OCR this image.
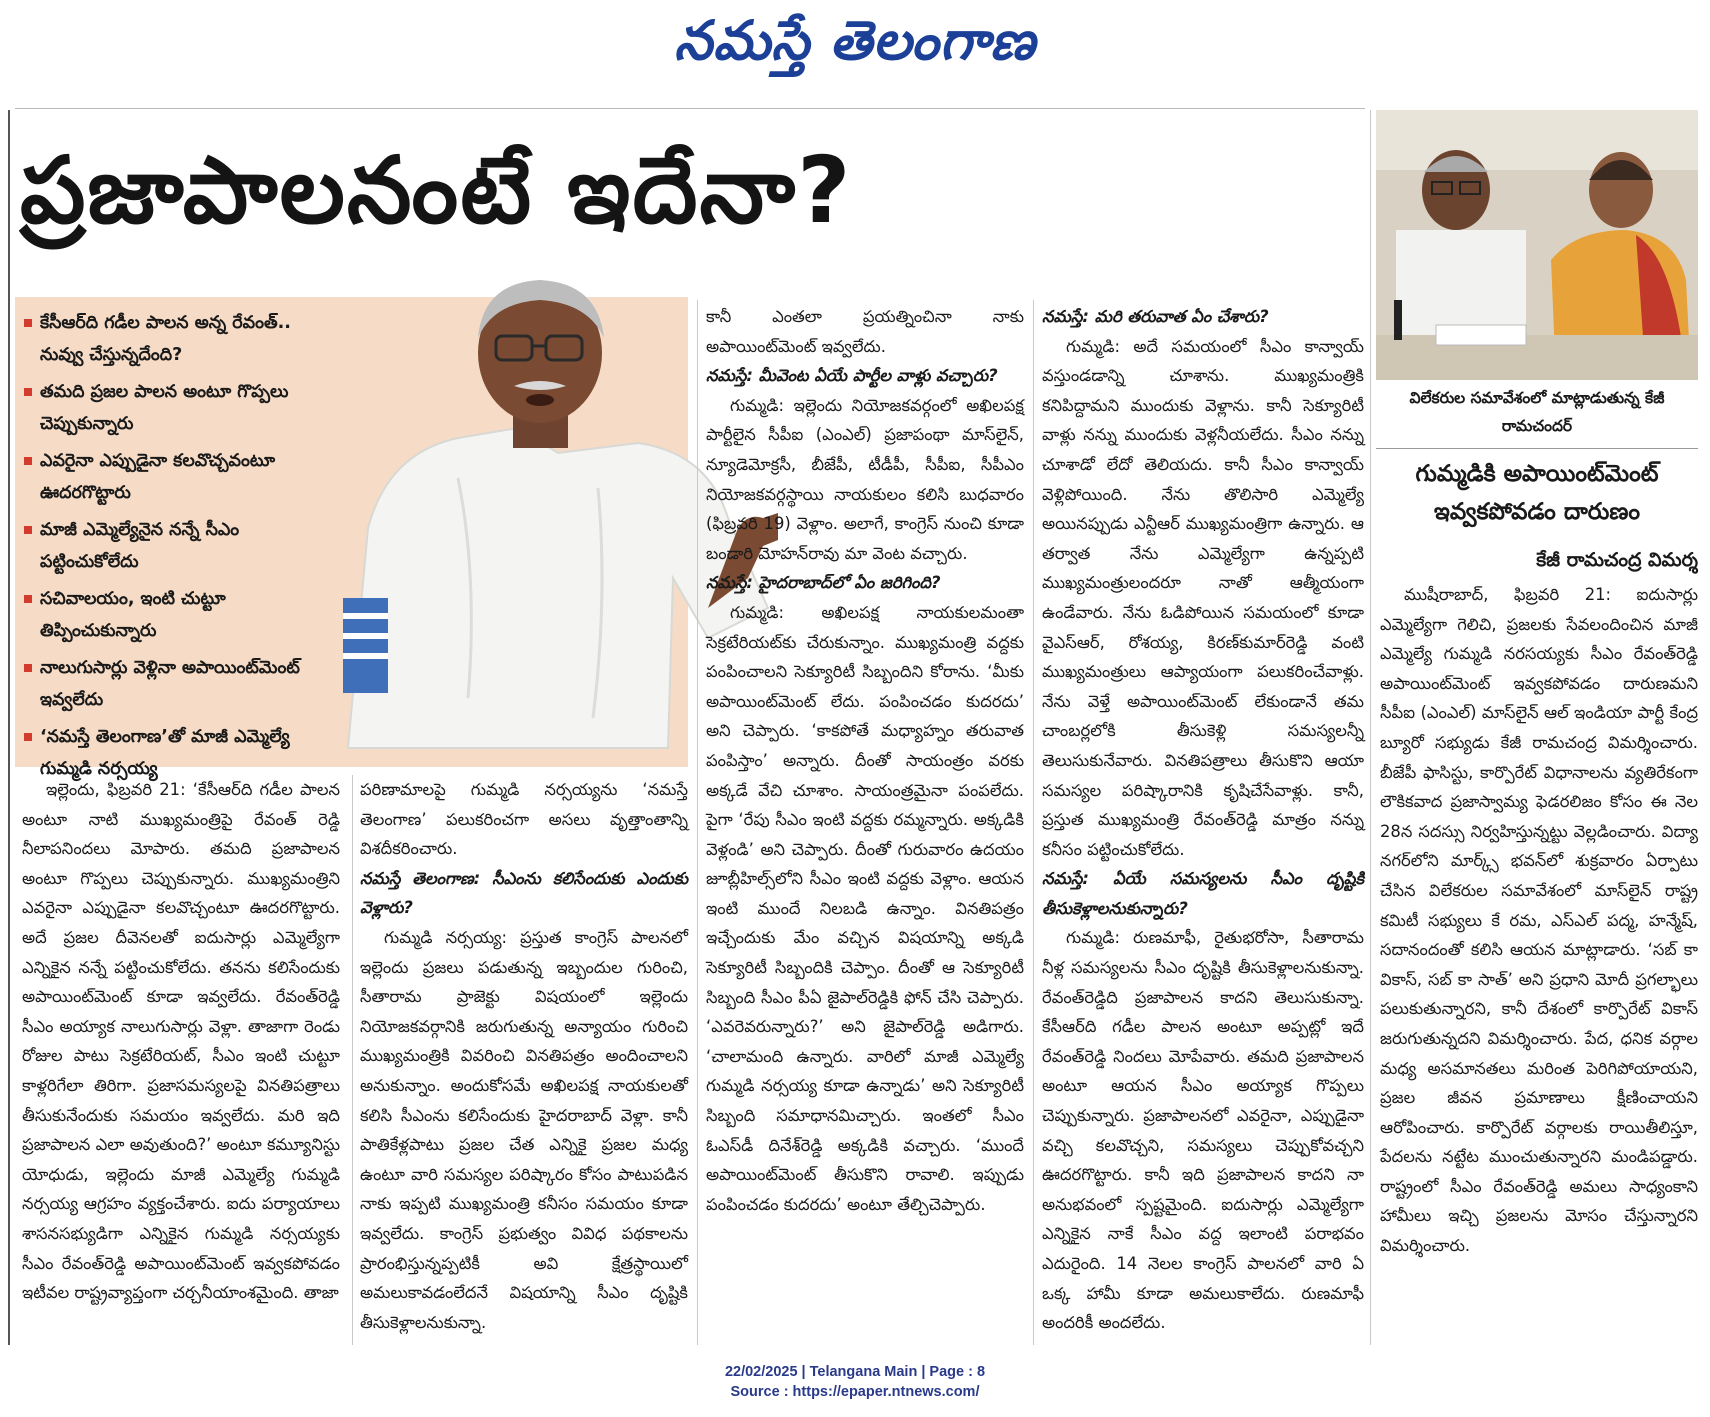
నమస్తే తెలంగాణ
ప్రజాపాలనంటే ఇదేనా?
కేసీఆర్‌ది గడీల పాలన అన్న రేవంత్‌.. నువ్వు చేస్తున్నదేంది?
తమది ప్రజల పాలన అంటూ గొప్పలు చెప్పుకున్నారు
ఎవరైనా ఎప్పుడైనా కలవొచ్చవంటూ ఊదరగొట్టారు
మాజీ ఎమ్మెల్యేనైన నన్నే సీఎం పట్టించుకోలేదు
సచివాలయం, ఇంటి చుట్టూ తిప్పించుకున్నారు
నాలుగుసార్లు వెళ్లినా అపాయింట్‌మెంట్‌ ఇవ్వలేదు
‘నమస్తే తెలంగాణ’తో మాజీ ఎమ్మెల్యే గుమ్మడి నర్సయ్య

ఇల్లెందు, ఫిబ్రవరి 21: ‘కేసీఆర్‌ది గడీల పాలన అంటూ నాటి ముఖ్యమంత్రిపై రేవంత్‌ రెడ్డి నీలాపనిందలు మోపారు. తమది ప్రజాపాలన అంటూ గొప్పలు చెప్పుకున్నారు. ముఖ్యమంత్రిని ఎవరైనా ఎప్పుడైనా కలవొచ్చంటూ ఊదరగొట్టారు. అదే ప్రజల దీవెనలతో ఐదుసార్లు ఎమ్మెల్యేగా ఎన్నికైన నన్నే పట్టించుకోలేదు. తనను కలిసేందుకు అపాయింట్‌మెంట్‌ కూడా ఇవ్వలేదు. రేవంత్‌రెడ్డి సీఎం అయ్యాక నాలుగుసార్లు వెళ్లా. తాజాగా రెండు రోజుల పాటు సెక్రటేరియట్‌, సీఎం ఇంటి చుట్టూ కాళ్లరిగేలా తిరిగా. ప్రజాసమస్యలపై వినతిపత్రాలు తీసుకునేందుకు సమయం ఇవ్వలేదు. మరి ఇది ప్రజాపాలన ఎలా అవుతుంది?’ అంటూ కమ్యూనిస్టు యోధుడు, ఇల్లెందు మాజీ ఎమ్మెల్యే గుమ్మడి నర్సయ్య ఆగ్రహం వ్యక్తంచేశారు. ఐదు పర్యాయాలు శాసనసభ్యుడిగా ఎన్నికైన గుమ్మడి నర్సయ్యకు సీఎం రేవంత్‌రెడ్డి అపాయింట్‌మెంట్‌ ఇవ్వకపోవడం ఇటీవల రాష్ట్రవ్యాప్తంగా చర్చనీయాంశమైంది. తాజా

పరిణామాలపై గుమ్మడి నర్సయ్యను ‘నమస్తే తెలంగాణ’ పలుకరించగా అసలు వృత్తాంతాన్ని విశదీకరించారు.

నమస్తే తెలంగాణ: సీఎంను కలిసేందుకు ఎందుకు వెళ్లారు?

గుమ్మడి నర్సయ్య: ప్రస్తుత కాంగ్రెస్‌ పాలనలో ఇల్లెందు ప్రజలు పడుతున్న ఇబ్బందుల గురించి, సీతారామ ప్రాజెక్టు విషయంలో ఇల్లెందు నియోజకవర్గానికి జరుగుతున్న అన్యాయం గురించి ముఖ్యమంత్రికి వివరించి వినతిపత్రం అందించాలని అనుకున్నాం. అందుకోసమే అఖిలపక్ష నాయకులతో కలిసి సీఎంను కలిసేందుకు హైదరాబాద్‌ వెళ్లా. కానీ పాతికేళ్లపాటు ప్రజల చేత ఎన్నికై ప్రజల మధ్య ఉంటూ వారి సమస్యల పరిష్కారం కోసం పాటుపడిన నాకు ఇప్పటి ముఖ్యమంత్రి కనీసం సమయం కూడా ఇవ్వలేదు. కాంగ్రెస్‌ ప్రభుత్వం వివిధ పథకాలను ప్రారంభిస్తున్నప్పటికీ అవి క్షేత్రస్థాయిలో అమలుకావడంలేదనే విషయాన్ని సీఎం దృష్టికి తీసుకెళ్లాలనుకున్నా.

కానీ ఎంతలా ప్రయత్నించినా నాకు అపాయింట్‌మెంట్‌ ఇవ్వలేదు.

నమస్తే: మీవెంట ఏయే పార్టీల వాళ్లు వచ్చారు?

గుమ్మడి: ఇల్లెందు నియోజకవర్గంలో అఖిలపక్ష పార్టీలైన సీపీఐ (ఎంఎల్‌) ప్రజాపంథా మాస్‌లైన్‌, న్యూడెమోక్రసీ, బీజేపీ, టీడీపీ, సీపీఐ, సీపీఎం నియోజకవర్గస్థాయి నాయకులం కలిసి బుధవారం (ఫిబ్రవరి 19) వెళ్లాం. అలాగే, కాంగ్రెస్‌ నుంచి కూడా బండారి మోహన్‌రావు మా వెంట వచ్చారు.

నమస్తే: హైదరాబాద్‌లో ఏం జరిగింది?

గుమ్మడి: అఖిలపక్ష నాయకులమంతా సెక్రటేరియట్‌కు చేరుకున్నాం. ముఖ్యమంత్రి వద్దకు పంపించాలని సెక్యూరిటీ సిబ్బందిని కోరాను. ‘మీకు అపాయింట్‌మెంట్‌ లేదు. పంపించడం కుదరదు’ అని చెప్పారు. ‘కాకపోతే మధ్యాహ్నం తరువాత పంపిస్తాం’ అన్నారు. దీంతో సాయంత్రం వరకు అక్కడే వేచి చూశాం. సాయంత్రమైనా పంపలేదు. పైగా ‘రేపు సీఎం ఇంటి వద్దకు రమ్మన్నారు. అక్కడికి వెళ్లండి’ అని చెప్పారు. దీంతో గురువారం ఉదయం జూబ్లీహిల్స్‌లోని సీఎం ఇంటి వద్దకు వెళ్లాం. ఆయన ఇంటి ముందే నిలబడి ఉన్నాం. వినతిపత్రం ఇచ్చేందుకు మేం వచ్చిన విషయాన్ని అక్కడి సెక్యూరిటీ సిబ్బందికి చెప్పాం. దీంతో ఆ సెక్యూరిటీ సిబ్బంది సీఎం పీఏ జైపాల్‌రెడ్డికి ఫోన్‌ చేసి చెప్పారు. ‘ఎవరెవరున్నారు?’ అని జైపాల్‌రెడ్డి అడిగారు. ‘చాలామంది ఉన్నారు. వారిలో మాజీ ఎమ్మెల్యే గుమ్మడి నర్సయ్య కూడా ఉన్నాడు’ అని సెక్యూరిటీ సిబ్బంది సమాధానమిచ్చారు. ఇంతలో సీఎం ఓఎస్‌డీ దినేశ్‌రెడ్డి అక్కడికి వచ్చారు. ‘ముందే అపాయింట్‌మెంట్‌ తీసుకొని రావాలి. ఇప్పుడు పంపించడం కుదరదు’ అంటూ తేల్చిచెప్పారు.

నమస్తే: మరి తరువాత ఏం చేశారు?

గుమ్మడి: అదే సమయంలో సీఎం కాన్వాయ్‌ వస్తుండడాన్ని చూశాను. ముఖ్యమంత్రికి కనిపిద్దామని ముందుకు వెళ్లాను. కానీ సెక్యూరిటీ వాళ్లు నన్ను ముందుకు వెళ్లనీయలేదు. సీఎం నన్ను చూశాడో లేదో తెలియదు. కానీ సీఎం కాన్వాయ్‌ వెళ్లిపోయింది. నేను తొలిసారి ఎమ్మెల్యే అయినప్పుడు ఎన్టీఆర్‌ ముఖ్యమంత్రిగా ఉన్నారు. ఆ తర్వాత నేను ఎమ్మెల్యేగా ఉన్నప్పటి ముఖ్యమంత్రులందరూ నాతో ఆత్మీయంగా ఉండేవారు. నేను ఓడిపోయిన సమయంలో కూడా వైఎస్‌ఆర్‌, రోశయ్య, కిరణ్‌కుమార్‌రెడ్డి వంటి ముఖ్యమంత్రులు ఆప్యాయంగా పలుకరించేవాళ్లు. నేను వెళ్తే అపాయింట్‌మెంట్‌ లేకుండానే తమ చాంబర్లలోకి తీసుకెళ్లి సమస్యలన్నీ తెలుసుకునేవారు. వినతిపత్రాలు తీసుకొని ఆయా సమస్యల పరిష్కారానికి కృషిచేసేవాళ్లు. కానీ, ప్రస్తుత ముఖ్యమంత్రి రేవంత్‌రెడ్డి మాత్రం నన్ను కనీసం పట్టించుకోలేదు.

నమస్తే: ఏయే సమస్యలను సీఎం దృష్టికి తీసుకెళ్లాలనుకున్నారు?

గుమ్మడి: రుణమాఫీ, రైతుభరోసా, సీతారామ నీళ్ల సమస్యలను సీఎం దృష్టికి తీసుకెళ్లాలనుకున్నా. రేవంత్‌రెడ్డిది ప్రజాపాలన కాదని తెలుసుకున్నా. కేసీఆర్‌ది గడీల పాలన అంటూ అప్పట్లో ఇదే రేవంత్‌రెడ్డి నిందలు మోపేవారు. తమది ప్రజాపాలన అంటూ ఆయన సీఎం అయ్యాక గొప్పలు చెప్పుకున్నారు. ప్రజాపాలనలో ఎవరైనా, ఎప్పుడైనా వచ్చి కలవొచ్చని, సమస్యలు చెప్పుకోవచ్చని ఊదరగొట్టారు. కానీ ఇది ప్రజాపాలన కాదని నా అనుభవంలో స్పష్టమైంది. ఐదుసార్లు ఎమ్మెల్యేగా ఎన్నికైన నాకే సీఎం వద్ద ఇలాంటి పరాభవం ఎదురైంది. 14 నెలల కాంగ్రెస్‌ పాలనలో వారి ఏ ఒక్క హామీ కూడా అమలుకాలేదు. రుణమాఫీ అందరికీ అందలేదు.

విలేకరుల సమావేశంలో మాట్లాడుతున్న కేజీ రామచందర్‌
గుమ్మడికి అపాయింట్‌మెంట్‌ ఇవ్వకపోవడం దారుణం
కేజీ రామచంద్ర విమర్శ

ముషీరాబాద్‌, ఫిబ్రవరి 21: ఐదుసార్లు ఎమ్మెల్యేగా గెలిచి, ప్రజలకు సేవలందించిన మాజీ ఎమ్మెల్యే గుమ్మడి నరసయ్యకు సీఎం రేవంత్‌రెడ్డి అపాయింట్‌మెంట్‌ ఇవ్వకపోవడం దారుణమని సీపీఐ (ఎంఎల్‌) మాస్‌లైన్‌ ఆల్‌ ఇండియా పార్టీ కేంద్ర బ్యూరో సభ్యుడు కేజీ రామచంద్ర విమర్శించారు. బీజేపీ ఫాసిస్టు, కార్పొరేట్‌ విధానాలను వ్యతిరేకంగా లౌకికవాద ప్రజాస్వామ్య ఫెడరలిజం కోసం ఈ నెల 28న సదస్సు నిర్వహిస్తున్నట్టు వెల్లడించారు. విద్యా నగర్‌లోని మార్క్స్‌ భవన్‌లో శుక్రవారం ఏర్పాటు చేసిన విలేకరుల సమావేశంలో మాస్‌లైన్‌ రాష్ట్ర కమిటీ సభ్యులు కే రమ, ఎస్‌ఎల్‌ పద్మ, హన్మేష్‌, సదానందంతో కలిసి ఆయన మాట్లాడారు. ‘సబ్‌ కా వికాస్‌, సబ్‌ కా సాత్‌’ అని ప్రధాని మోదీ ప్రగల్భాలు పలుకుతున్నారని, కానీ దేశంలో కార్పొరేట్‌ వికాస్‌ జరుగుతున్నదని విమర్శించారు. పేద, ధనిక వర్గాల మధ్య అసమానతలు మరింత పెరిగిపోయాయని, ప్రజల జీవన ప్రమాణాలు క్షీణించాయని ఆరోపించారు. కార్పొరేట్‌ వర్గాలకు రాయితీలిస్తూ, పేదలను నట్టేట ముంచుతున్నారని మండిపడ్డారు. రాష్ట్రంలో సీఎం రేవంత్‌రెడ్డి అమలు సాధ్యంకాని హామీలు ఇచ్చి ప్రజలను మోసం చేస్తున్నారని విమర్శించారు.

22/02/2025 | Telangana Main | Page : 8
Source : https://epaper.ntnews.com/
